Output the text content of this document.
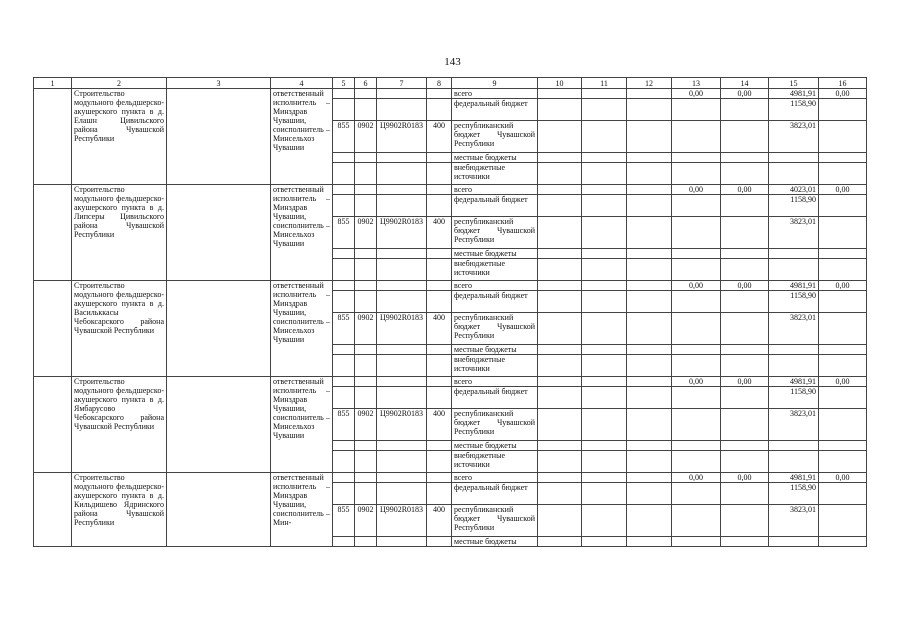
143
1	2	3	4	5	6	7	8	9	10	11	12	13	14	15	16
	Строительство модульного фельдшерско-акушерского пункта в д. Елашн Цивильского района Чувашской Республики		ответственный исполнитель – Минздрав Чувашии, соисполнитель – Минсельхоз Чувашии					всего				0,00	0,00	4981,91	0,00
								федеральный бюджет						1158,90	
				855	0902	Ц9902R0183	400	республиканский бюджет Чувашской Республики						3823,01	
								местные бюджеты							
								внебюджетные источники							
	Строительство модульного фельдшерско-акушерского пункта в д. Липсеры Цивильского района Чувашской Республики		ответственный исполнитель – Минздрав Чувашии, соисполнитель – Минсельхоз Чувашии					всего				0,00	0,00	4023,01	0,00
								федеральный бюджет						1158,90	
				855	0902	Ц9902R0183	400	республиканский бюджет Чувашской Республики						3823,01	
								местные бюджеты							
								внебюджетные источники							
	Строительство модульного фельдшерско-акушерского пункта в д. Васильккасы Чебоксарского района Чувашской Республики		ответственный исполнитель – Минздрав Чувашии, соисполнитель – Минсельхоз Чувашии					всего				0,00	0,00	4981,91	0,00
								федеральный бюджет						1158,90	
				855	0902	Ц9902R0183	400	республиканский бюджет Чувашской Республики						3823,01	
								местные бюджеты							
								внебюджетные источники							
	Строительство модульного фельдшерско-акушерского пункта в д. Ямбарусово Чебоксарского района Чувашской Республики		ответственный исполнитель – Минздрав Чувашии, соисполнитель – Минсельхоз Чувашии					всего				0,00	0,00	4981,91	0,00
								федеральный бюджет						1158,90	
				855	0902	Ц9902R0183	400	республиканский бюджет Чувашской Республики						3823,01	
								местные бюджеты							
								внебюджетные источники							
	Строительство модульного фельдшерско-акушерского пункта в д. Кильдишево Ядринского района Чувашской Республики		ответственный исполнитель – Минздрав Чувашии, соисполнитель – Мин-					всего				0,00	0,00	4981,91	0,00
								федеральный бюджет						1158,90	
				855	0902	Ц9902R0183	400	республиканский бюджет Чувашской Республики						3823,01	
								местные бюджеты							
